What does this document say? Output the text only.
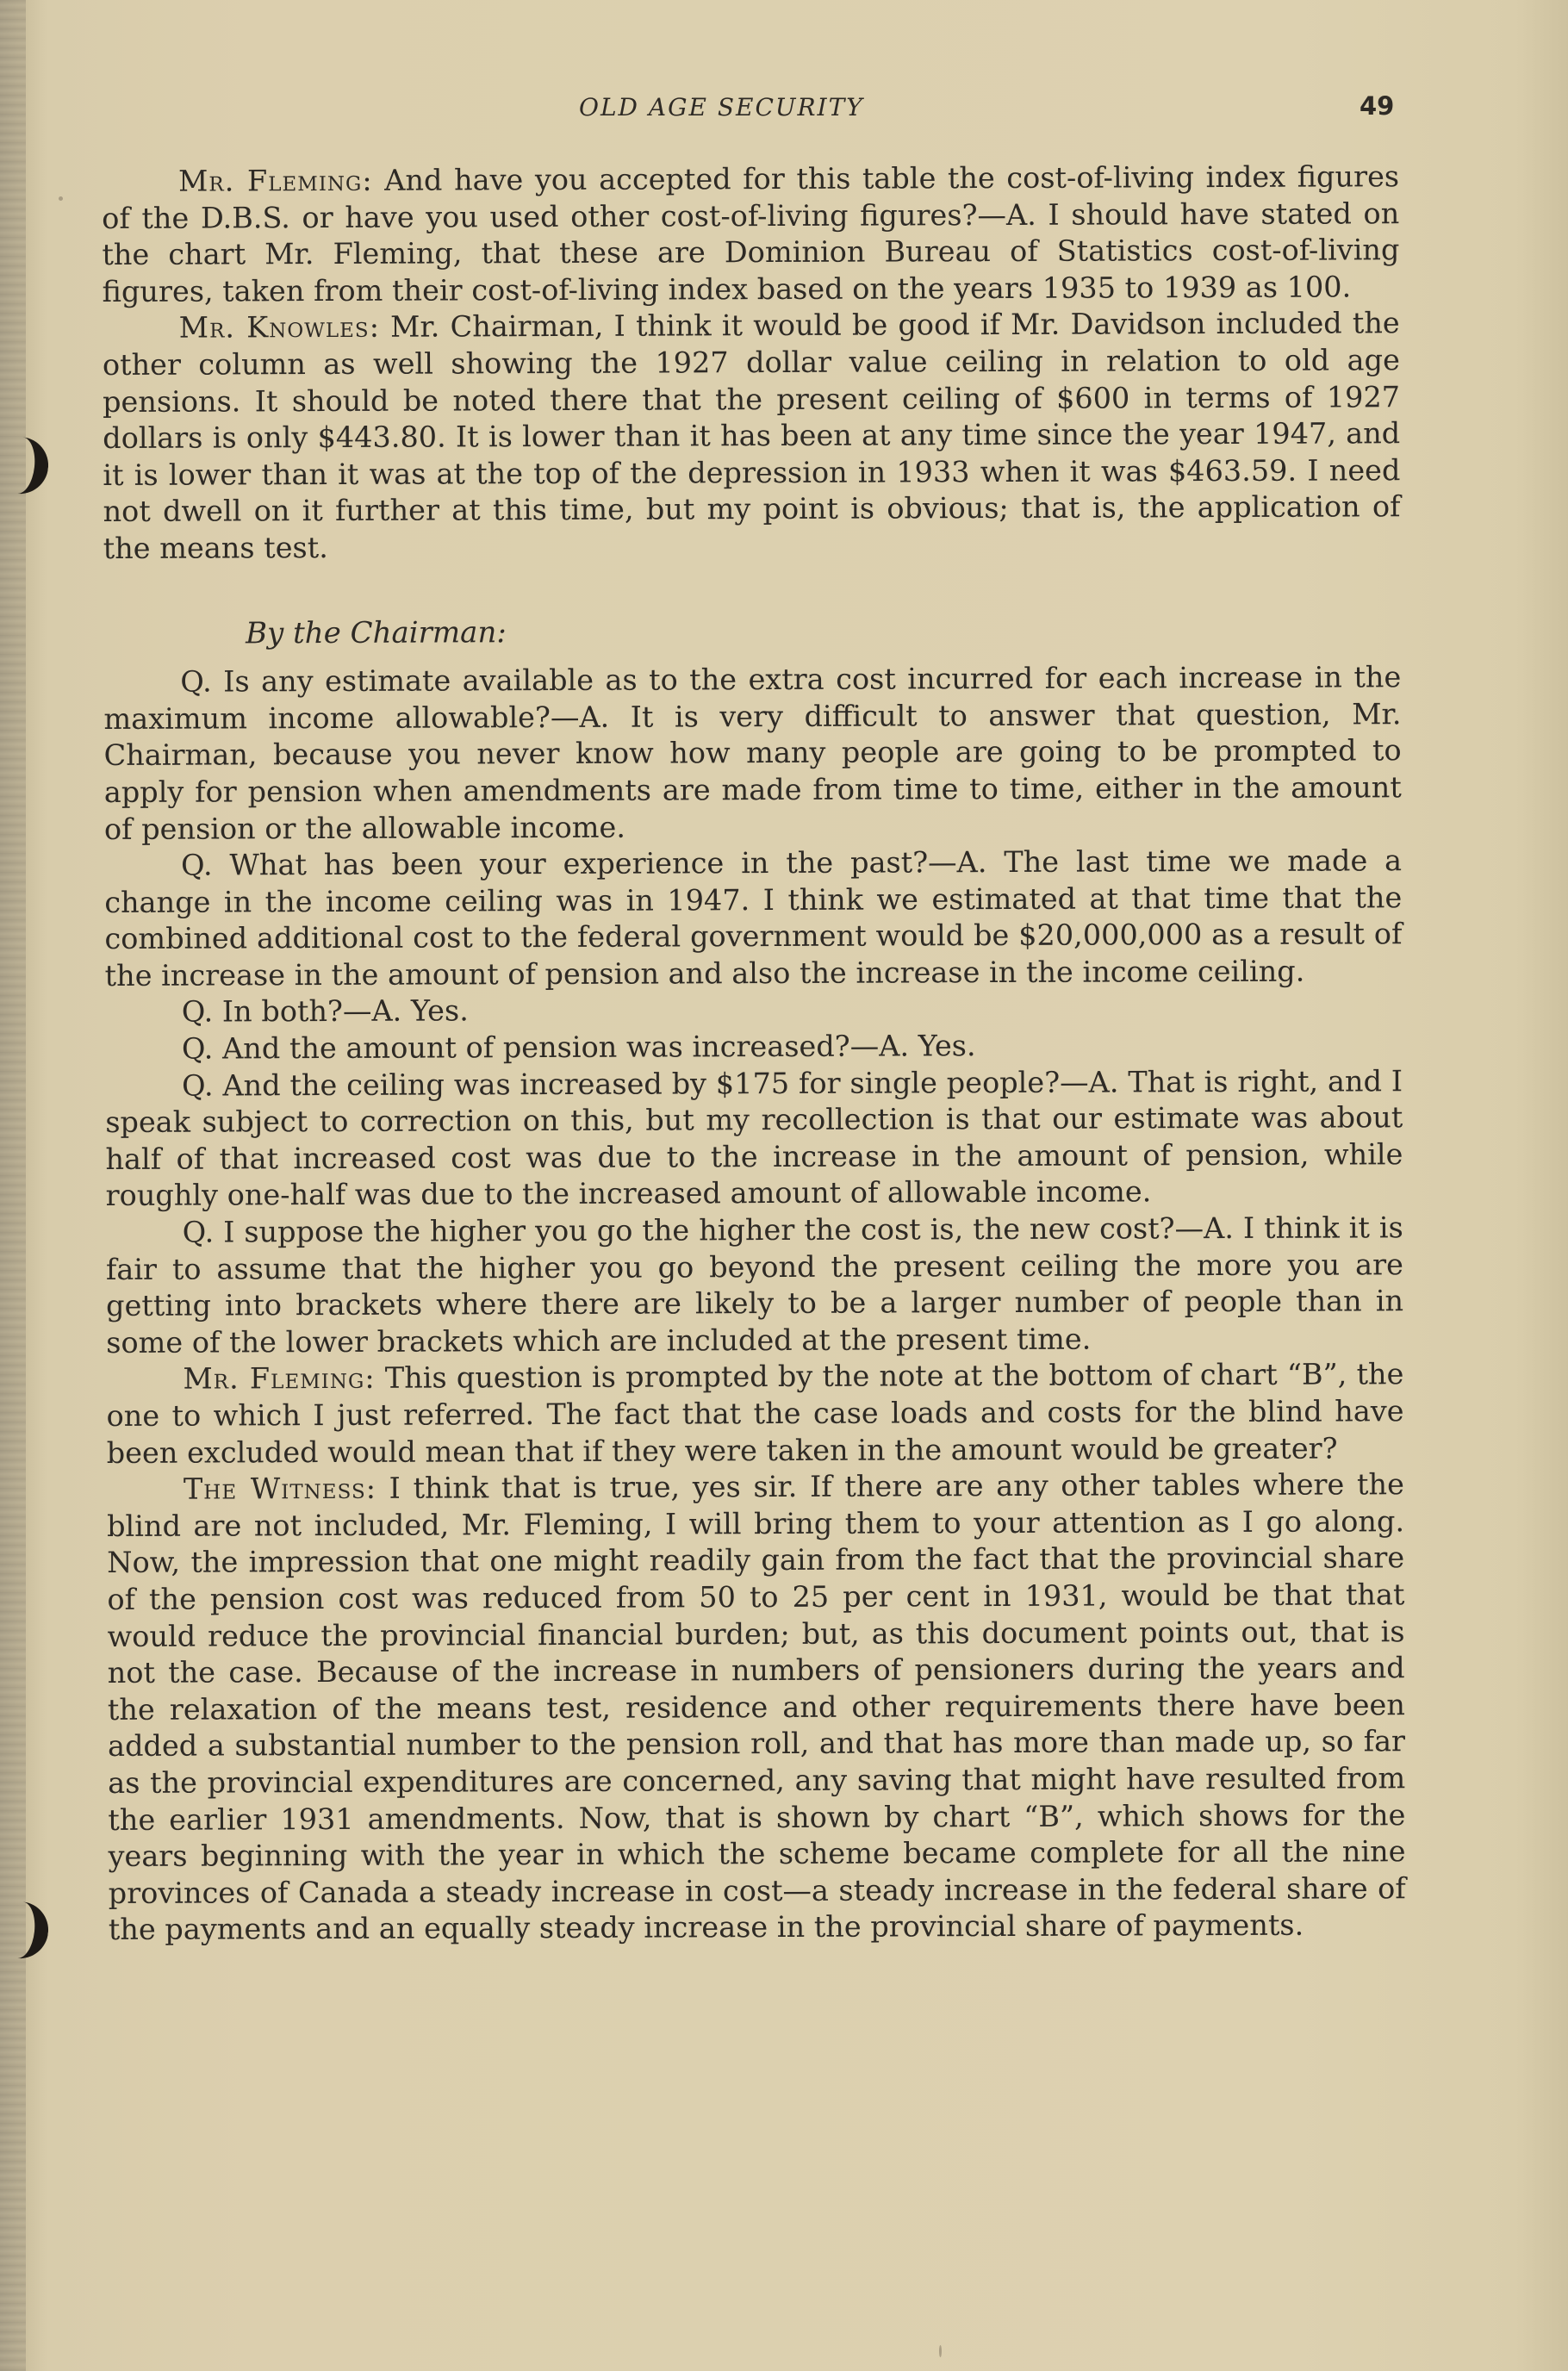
OLD AGE SECURITY	49

Mr. Fleming: And have you accepted for this table the cost-of-living index figures of the D.B.S. or have you used other cost-of-living figures?—A. I should have stated on the chart Mr. Fleming, that these are Dominion Bureau of Statistics cost-of-living figures, taken from their cost-of-living index based on the years 1935 to 1939 as 100.

Mr. Knowles: Mr. Chairman, I think it would be good if Mr. Davidson included the other column as well showing the 1927 dollar value ceiling in relation to old age pensions. It should be noted there that the present ceiling of $600 in terms of 1927 dollars is only $443.80. It is lower than it has been at any time since the year 1947, and it is lower than it was at the top of the depression in 1933 when it was $463.59. I need not dwell on it further at this time, but my point is obvious; that is, the application of the means test.

By the Chairman:

Q. Is any estimate available as to the extra cost incurred for each increase in the maximum income allowable?—A. It is very difficult to answer that question, Mr. Chairman, because you never know how many people are going to be prompted to apply for pension when amendments are made from time to time, either in the amount of pension or the allowable income.

Q. What has been your experience in the past?—A. The last time we made a change in the income ceiling was in 1947. I think we estimated at that time that the combined additional cost to the federal government would be $20,000,000 as a result of the increase in the amount of pension and also the increase in the income ceiling.

Q. In both?—A. Yes.

Q. And the amount of pension was increased?—A. Yes.

Q. And the ceiling was increased by $175 for single people?—A. That is right, and I speak subject to correction on this, but my recollection is that our estimate was about half of that increased cost was due to the increase in the amount of pension, while roughly one-half was due to the increased amount of allowable income.

Q. I suppose the higher you go the higher the cost is, the new cost?—A. I think it is fair to assume that the higher you go beyond the present ceiling the more you are getting into brackets where there are likely to be a larger number of people than in some of the lower brackets which are included at the present time.

Mr. Fleming: This question is prompted by the note at the bottom of chart “B”, the one to which I just referred. The fact that the case loads and costs for the blind have been excluded would mean that if they were taken in the amount would be greater?

The Witness: I think that is true, yes sir. If there are any other tables where the blind are not included, Mr. Fleming, I will bring them to your attention as I go along. Now, the impression that one might readily gain from the fact that the provincial share of the pension cost was reduced from 50 to 25 per cent in 1931, would be that that would reduce the provincial financial burden; but, as this document points out, that is not the case. Because of the increase in numbers of pensioners during the years and the relaxation of the means test, residence and other requirements there have been added a substantial number to the pension roll, and that has more than made up, so far as the provincial expenditures are concerned, any saving that might have resulted from the earlier 1931 amendments. Now, that is shown by chart “B”, which shows for the years beginning with the year in which the scheme became complete for all the nine provinces of Canada a steady increase in cost—a steady increase in the federal share of the payments and an equally steady increase in the provincial share of payments.
